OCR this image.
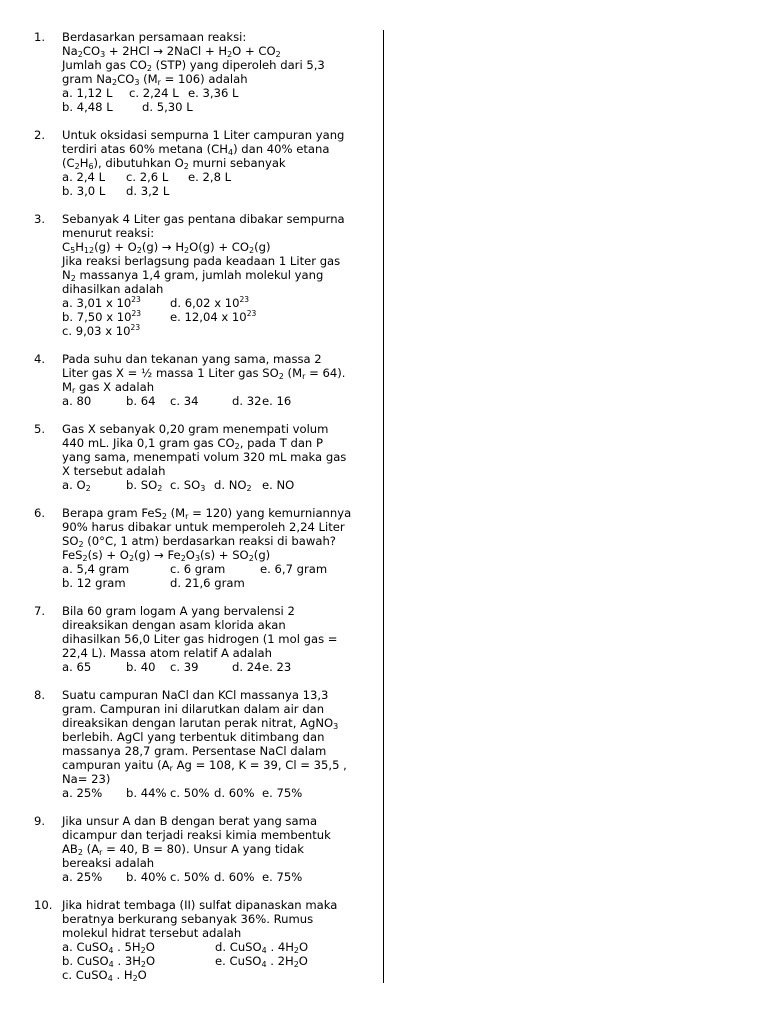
1. Berdasarkan persamaan reaksi:
$Na_2CO_3 + 2HCl$ → 2NaCl + $H_2O + CO_2$
Jumlah gas $CO_2$ (STP) yang diperoleh dari 5,3
gram $Na_2CO_3$ $(M_r = 106)$ adalah
a. 1,12 L c. 2,24 L e. 3,36 L
b. 4,48 L	d. 5,30 L
2. Untuk oksidasi sempurna 1 Liter campuran yang
terdiri atas 60% metana $(CH_4)$ dan 40% etana
$(C_2H_6)$, dibutuhkan $O_2$ murni sebanyak
a. 2,4 L c. 2,6 L e. 2,8 L
b. 3,0 L d. 3,2 L
3. Sebanyak 4 Liter gas pentana dibakar sempurna
menurut reaksi:
$C_5H_{12}(g) + O_2(g) \to H_2O(g) + CO_2(g)$
Jika reaksi berlagsung pada keadaan 1 Liter gas
$N_2$ massanya 1,4 gram, jumlah molekul yang
dihasilkan adalah
a. 3,01 x $10^{23}$	d. 6,02 x $10^{23}$
b. 7,50 x $10^{23}$ e. 12,04 x $10^{23}$
c. 9,03 x $10^{23}$
4. Pada suhu dan tekanan yang sama, massa 2
Liter gas X = ½ massa 1 Liter gas $SO_2$ $(M_r = 64)$.
$M_r$ gas X adalah
a. 80	b. 64 c. 34	d. 32 e. 16
5. Gas X sebanyak 0,20 gram menempati volum
440 mL. Jika 0,1 gram gas $CO_2$, pada T dan P
yang sama, menempati volum 320 mL maka gas
X tersebut adalah
a. $O_2$	b. $SO_2$ c. $SO_3$ d. $NO_2$ e. NO
6. Berapa gram FeS$_2$ $(M_r = 120)$ yang kemurniannya
90% harus dibakar untuk memperoleh 2,24 Liter
$SO_2$ (0°C, 1 atm) berdasarkan reaksi di bawah?
$FeS_2(s) + O_2(g) \to Fe_2O_3(s) + SO_2(g)$
a. 5,4 gram	c. 6 gram	e. 6,7 gram
b. 12 gram	d. 21,6 gram
7. Bila 60 gram logam A yang bervalensi 2
direaksikan dengan asam klorida akan
dihasilkan 56,0 Liter gas hidrogen (1 mol gas =
22,4 L). Massa atom relatif A adalah
a. 65	b. 40 c. 39	d. 24 e. 23
8. Suatu campuran NaCl dan KCl massanya 13,3
gram. Campuran ini dilarutkan dalam air dan
direaksikan dengan larutan perak nitrat, AgNO$_3$
berlebih. AgCl yang terbentuk ditimbang dan
massanya 28,7 gram. Persentase NaCl dalam
campuran yaitu ($A_r$ Ag = 108, K = 39, Cl = 35,5 ,
Na= 23)
a. 25% b. 44% c. 50% d. 60% e. 75%
9. Jika unsur A dan B dengan berat yang sama
dicampur dan terjadi reaksi kimia membentuk
$AB_2$ ($A_r = 40$, B = 80). Unsur A yang tidak
bereaksi adalah
a. 25% b. 40% c. 50% d. 60% e. 75%
10. Jika hidrat tembaga (II) sulfat dipanaskan maka
beratnya berkurang sebanyak 36%. Rumus
molekul hidrat tersebut adalah
a. CuSO$_4$ . $5H_2O$	d. CuSO$_4$ . $4H_2O$
b. CuSO$_4$ . $3H_2O$	e. CuSO$_4$ . $2H_2O$
c. CuSO$_4$ . $H_2O$
